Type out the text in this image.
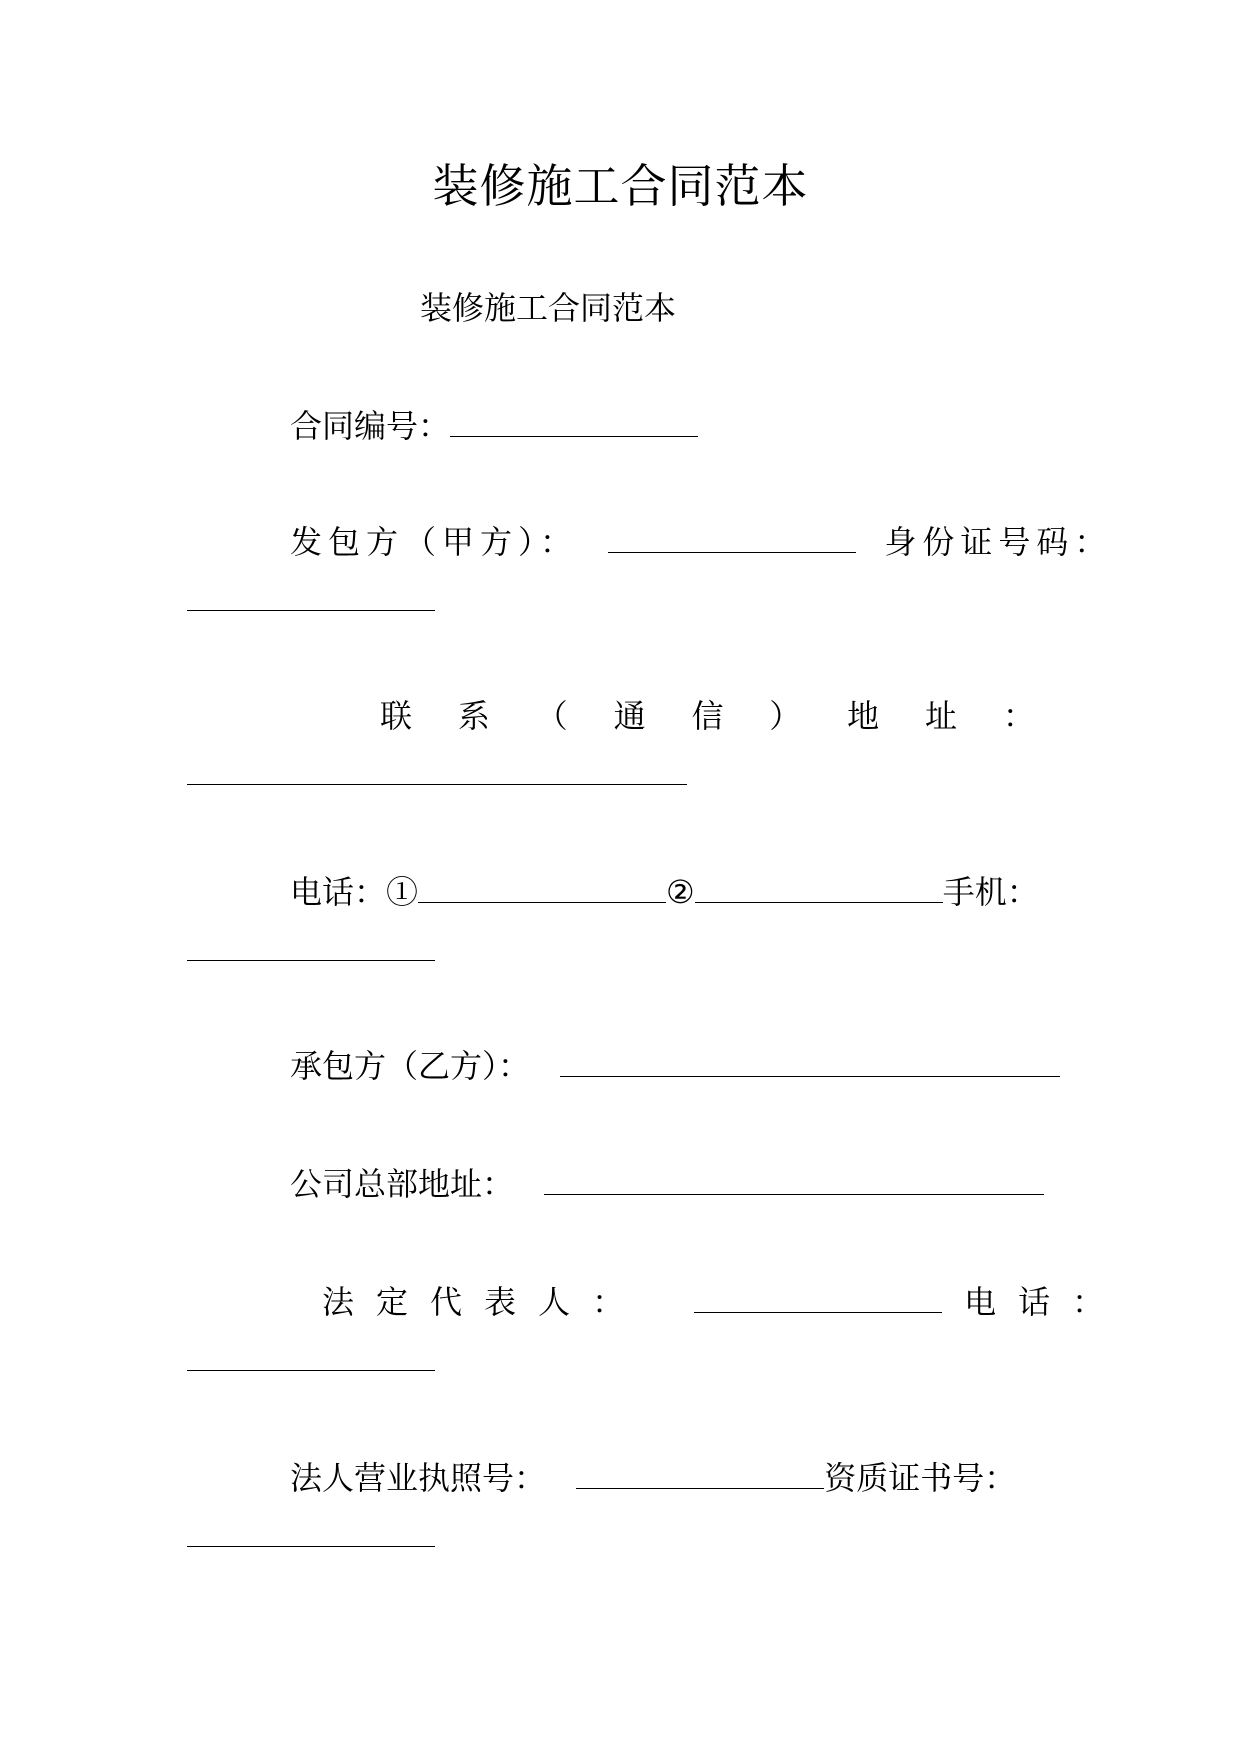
装修施工合同范本
装修施工合同范本
合同编号：
发包方（甲方）：	身份证号码：
联 系 （ 通 信 ） 地 址 ：
电话：①	②	手机：
承包方（乙方）：
公司总部地址：
法 定 代 表 人 ：	电 话 ：
法人营业执照号：	资质证书号：
